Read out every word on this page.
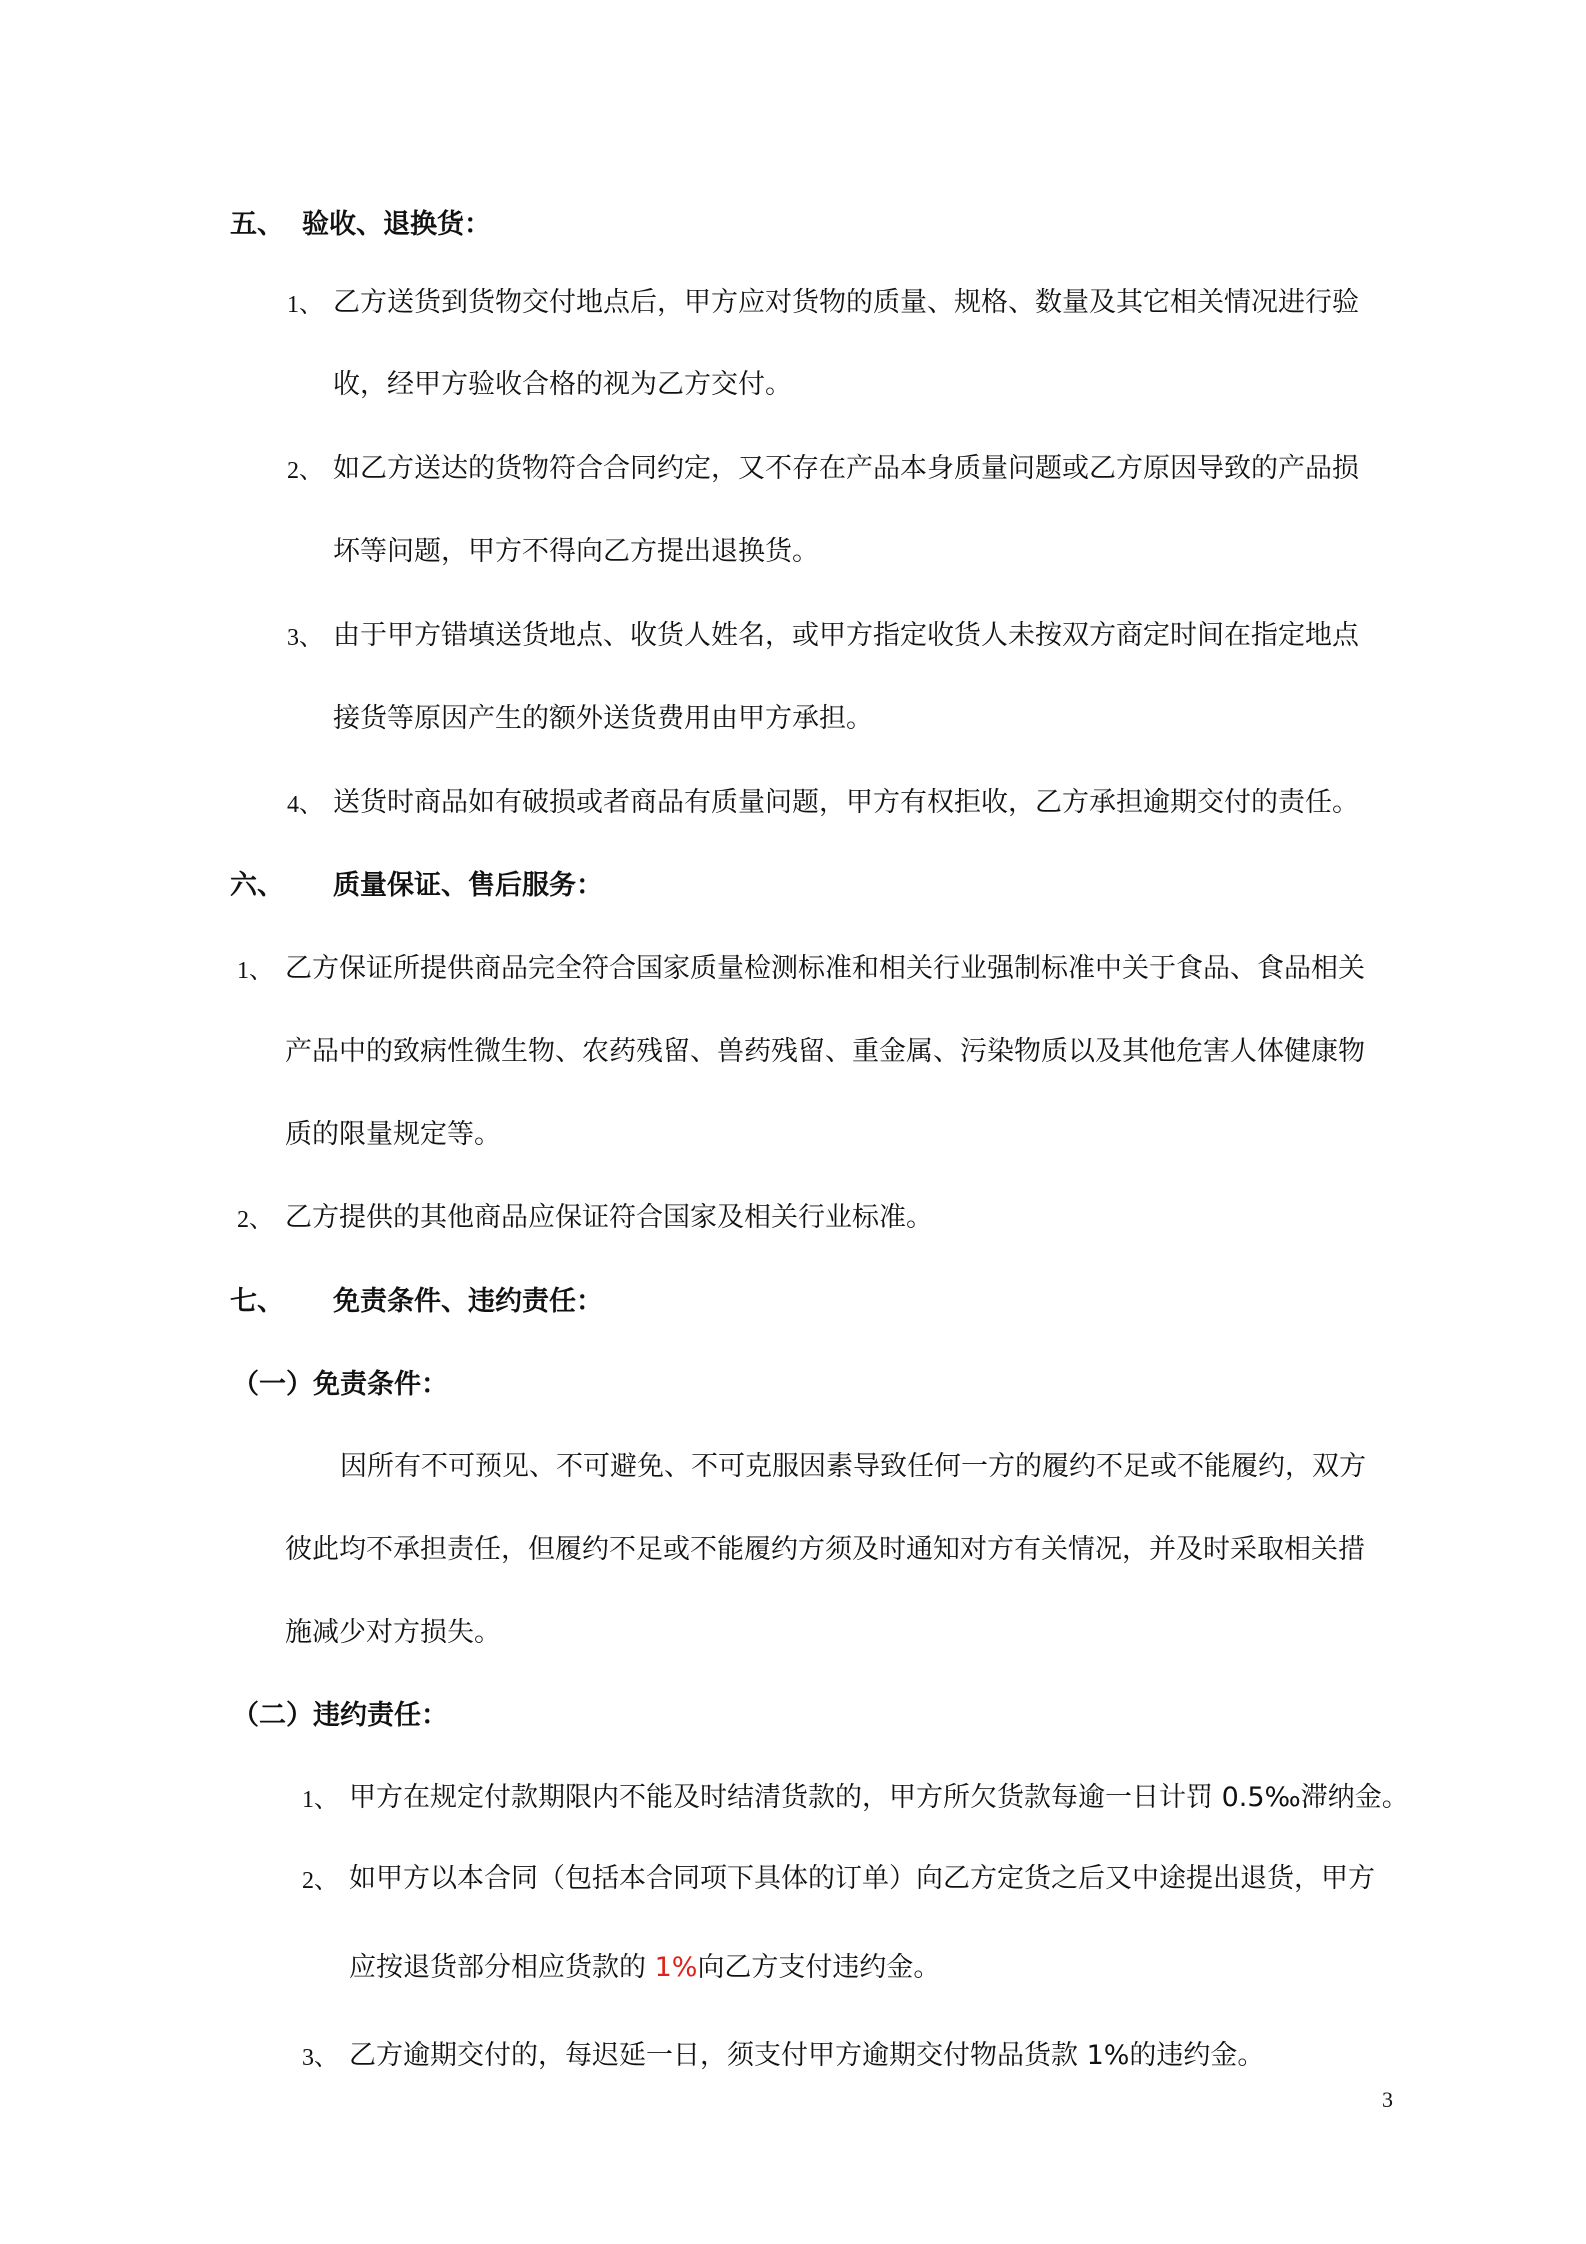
五、 验收、退换货：
1、 乙方送货到货物交付地点后，甲方应对货物的质量、规格、数量及其它相关情况进行验
收，经甲方验收合格的视为乙方交付。
2、 如乙方送达的货物符合合同约定，又不存在产品本身质量问题或乙方原因导致的产品损
坏等问题，甲方不得向乙方提出退换货。
3、 由于甲方错填送货地点、收货人姓名，或甲方指定收货人未按双方商定时间在指定地点
接货等原因产生的额外送货费用由甲方承担。
4、 送货时商品如有破损或者商品有质量问题，甲方有权拒收，乙方承担逾期交付的责任。
六、 质量保证、售后服务：
1、 乙方保证所提供商品完全符合国家质量检测标准和相关行业强制标准中关于食品、食品相关
产品中的致病性微生物、农药残留、兽药残留、重金属、污染物质以及其他危害人体健康物
质的限量规定等。
2、 乙方提供的其他商品应保证符合国家及相关行业标准。
七、 免责条件、违约责任：
（一）免责条件：
因所有不可预见、不可避免、不可克服因素导致任何一方的履约不足或不能履约，双方
彼此均不承担责任，但履约不足或不能履约方须及时通知对方有关情况，并及时采取相关措
施减少对方损失。
（二）违约责任：
1、 甲方在规定付款期限内不能及时结清货款的，甲方所欠货款每逾一日计罚 0.5‰滞纳金。
2、 如甲方以本合同（包括本合同项下具体的订单）向乙方定货之后又中途提出退货，甲方
应按退货部分相应货款的 1%向乙方支付违约金。
3、 乙方逾期交付的，每迟延一日，须支付甲方逾期交付物品货款 1%的违约金。
3
